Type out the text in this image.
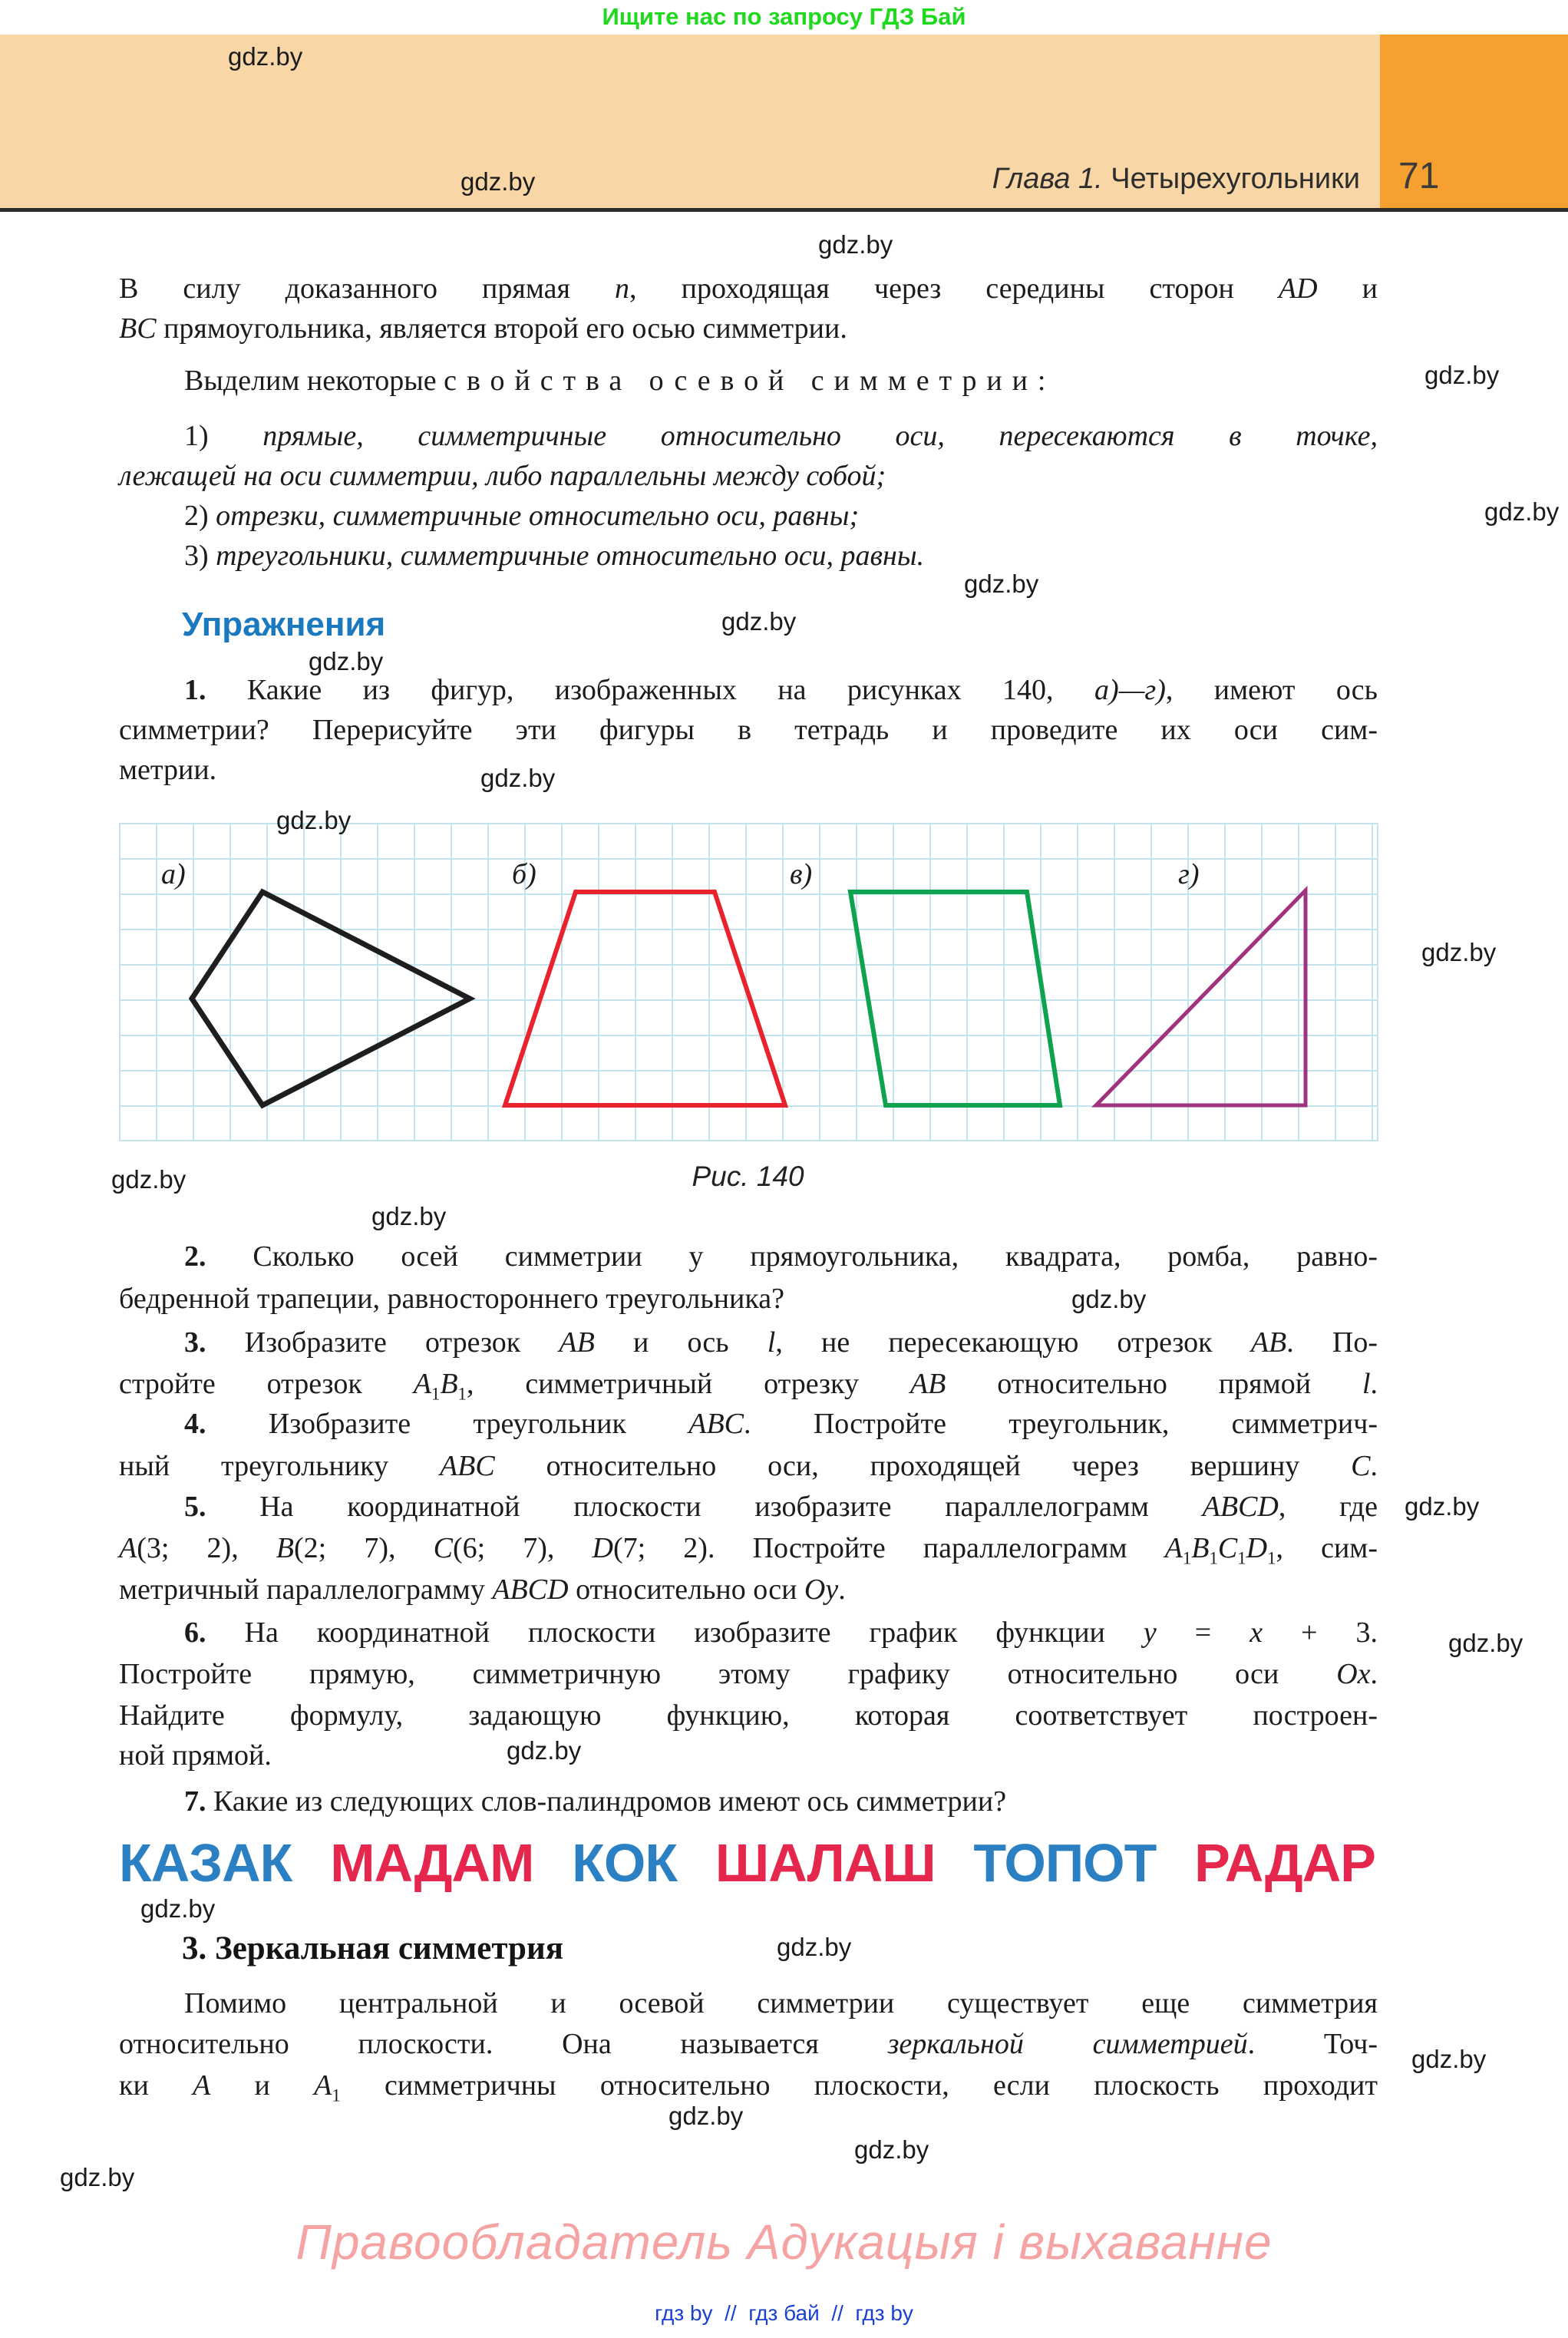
Ищите нас по запросу ГДЗ Бай
71
Глава 1. Четырехугольники
Упражнения
а)	б)	в)	г)
Рис. 140
КАЗАК МАДАМ КОК ШАЛАШ ТОПОТ РАДАР
3. Зеркальная симметрия
В силу доказанного прямая n, проходящая через середины сторон AD и
BC прямоугольника, является второй его осью симметрии.
Выделим некоторые свойства осевой симметрии:
1) прямые, симметричные относительно оси, пересекаются в точке,
лежащей на оси симметрии, либо параллельны между собой;
2) отрезки, симметричные относительно оси, равны;
3) треугольники, симметричные относительно оси, равны.
1. Какие из фигур, изображенных на рисунках 140, а)—г), имеют ось
симметрии? Перерисуйте эти фигуры в тетрадь и проведите их оси сим-
метрии.
2. Сколько осей симметрии у прямоугольника, квадрата, ромба, равно-
бедренной трапеции, равностороннего треугольника?
3. Изобразите отрезок AB и ось l, не пересекающую отрезок AB. По-
стройте отрезок $A_1B_1$, симметричный отрезку AB относительно прямой l.
4. Изобразите треугольник ABC. Постройте треугольник, симметрич-
ный треугольнику ABC относительно оси, проходящей через вершину C.
5. На координатной плоскости изобразите параллелограмм ABCD, где
A(3; 2), B(2; 7), C(6; 7), D(7; 2). Постройте параллелограмм $A_1B_1C_1D_1$, сим-
метричный параллелограмму ABCD относительно оси Oy.
6. На координатной плоскости изобразите график функции y = x + 3.
Постройте прямую, симметричную этому графику относительно оси Ox.
Найдите формулу, задающую функцию, которая соответствует построен-
ной прямой.
7. Какие из следующих слов-палиндромов имеют ось симметрии?
Помимо центральной и осевой симметрии существует еще симметрия
относительно плоскости. Она называется зеркальной симметрией. Точ-
ки A и $A_1$ симметричны относительно плоскости, если плоскость проходит
gdz.by
gdz.by
gdz.by
gdz.by
gdz.by
gdz.by
gdz.by
gdz.by
gdz.by
gdz.by
gdz.by
gdz.by
gdz.by
gdz.by
gdz.by
gdz.by
gdz.by
gdz.by
gdz.by
gdz.by
gdz.by
gdz.by
gdz.by
Правообладатель Адукацыя і выхаванне
гдз by  //  гдз бай  //  гдз by
